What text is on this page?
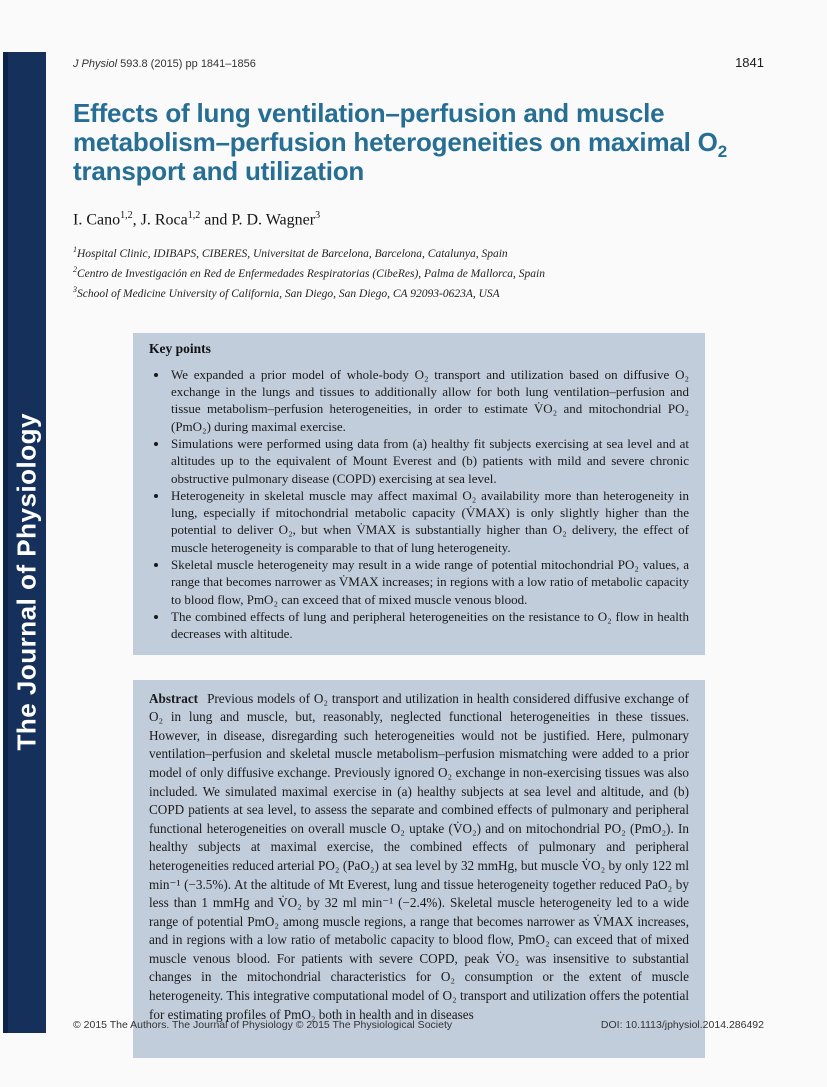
The Journal of Physiology
J Physiol 593.8 (2015) pp 1841–1856	1841
Effects of lung ventilation–perfusion and muscle
metabolism–perfusion heterogeneities on maximal $O_2$
transport and utilization

I. Cano$^{1,2}$, J. Roca$^{1,2}$ and P. D. Wagner$^3$

$^1$Hospital Clinic, IDIBAPS, CIBERES, Universitat de Barcelona, Barcelona, Catalunya, Spain

$^2$Centro de Investigación en Red de Enfermedades Respiratorias (CibeRes), Palma de Mallorca, Spain

$^3$School of Medicine University of California, San Diego, San Diego, CA 92093-0623A, USA

Key points
• We expanded a prior model of whole-body O₂ transport and utilization based on diffusive O₂ exchange in the lungs and tissues to additionally allow for both lung ventilation–perfusion and tissue metabolism–perfusion heterogeneities, in order to estimate V̇O₂ and mitochondrial PO₂ (PmO₂) during maximal exercise.
• Simulations were performed using data from (a) healthy fit subjects exercising at sea level and at altitudes up to the equivalent of Mount Everest and (b) patients with mild and severe chronic obstructive pulmonary disease (COPD) exercising at sea level.
• Heterogeneity in skeletal muscle may affect maximal O₂ availability more than heterogeneity in lung, especially if mitochondrial metabolic capacity (V̇MAX) is only slightly higher than the potential to deliver O₂, but when V̇MAX is substantially higher than O₂ delivery, the effect of muscle heterogeneity is comparable to that of lung heterogeneity.
• Skeletal muscle heterogeneity may result in a wide range of potential mitochondrial PO₂ values, a range that becomes narrower as V̇MAX increases; in regions with a low ratio of metabolic capacity to blood flow, PmO₂ can exceed that of mixed muscle venous blood.
• The combined effects of lung and peripheral heterogeneities on the resistance to O₂ flow in health decreases with altitude.

Abstract Previous models of O₂ transport and utilization in health considered diffusive exchange of O₂ in lung and muscle, but, reasonably, neglected functional heterogeneities in these tissues. However, in disease, disregarding such heterogeneities would not be justified. Here, pulmonary ventilation–perfusion and skeletal muscle metabolism–perfusion mismatching were added to a prior model of only diffusive exchange. Previously ignored O₂ exchange in non-exercising tissues was also included. We simulated maximal exercise in (a) healthy subjects at sea level and altitude, and (b) COPD patients at sea level, to assess the separate and combined effects of pulmonary and peripheral functional heterogeneities on overall muscle O₂ uptake (V̇O₂) and on mitochondrial PO₂ (PmO₂). In healthy subjects at maximal exercise, the combined effects of pulmonary and peripheral heterogeneities reduced arterial PO₂ (PaO₂) at sea level by 32 mmHg, but muscle V̇O₂ by only 122 ml min⁻¹ (−3.5%). At the altitude of Mt Everest, lung and tissue heterogeneity together reduced PaO₂ by less than 1 mmHg and V̇O₂ by 32 ml min⁻¹ (−2.4%). Skeletal muscle heterogeneity led to a wide range of potential PmO₂ among muscle regions, a range that becomes narrower as V̇MAX increases, and in regions with a low ratio of metabolic capacity to blood flow, PmO₂ can exceed that of mixed muscle venous blood. For patients with severe COPD, peak V̇O₂ was insensitive to substantial changes in the mitochondrial characteristics for O₂ consumption or the extent of muscle heterogeneity. This integrative computational model of O₂ transport and utilization offers the potential for estimating profiles of PmO₂ both in health and in diseases

© 2015 The Authors. The Journal of Physiology © 2015 The Physiological Society	DOI: 10.1113/jphysiol.2014.286492
